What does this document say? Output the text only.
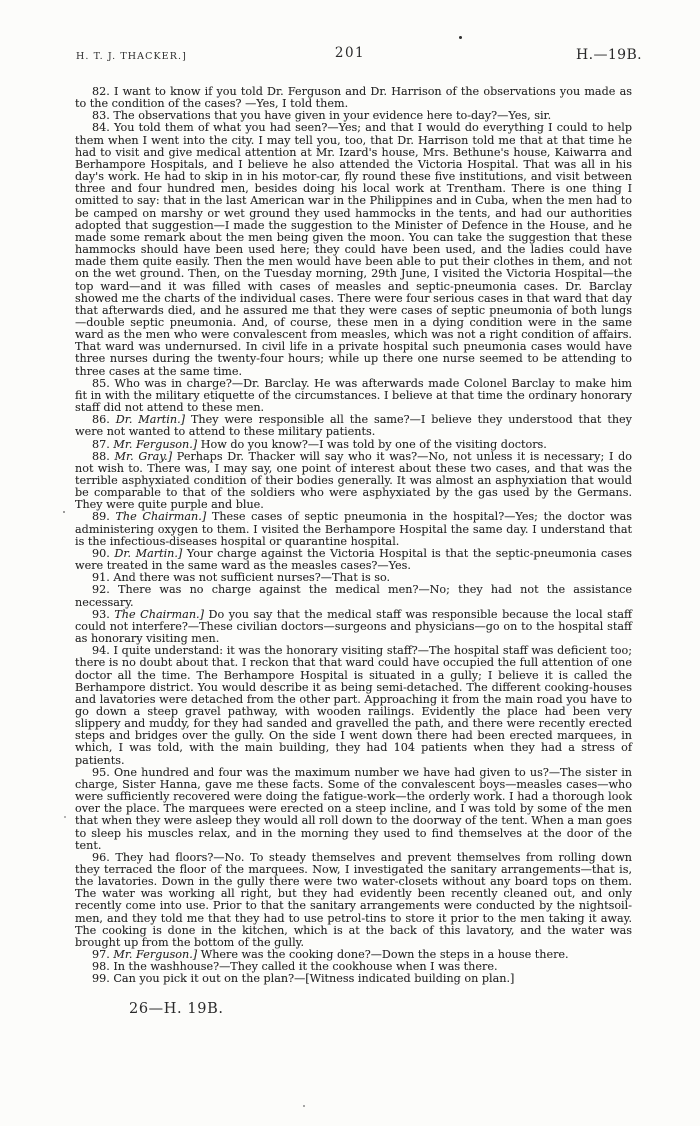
H. T. J. THACKER.]	201	H.—19B.

82. I want to know if you told Dr. Ferguson and Dr. Harrison of the observations you made as to the condition of the cases? —Yes, I told them.

83. The observations that you have given in your evidence here to-day?—Yes, sir.

84. You told them of what you had seen?—Yes; and that I would do everything I could to help them when I went into the city. I may tell you, too, that Dr. Harrison told me that at that time he had to visit and give medical attention at Mr. Izard's house, Mrs. Bethune's house, Kaiwarra and Berhampore Hospitals, and I believe he also attended the Victoria Hospital. That was all in his day's work. He had to skip in in his motor-car, fly round these five institutions, and visit between three and four hundred men, besides doing his local work at Trentham. There is one thing I omitted to say: that in the last American war in the Philippines and in Cuba, when the men had to be camped on marshy or wet ground they used hammocks in the tents, and had our authorities adopted that suggestion—I made the suggestion to the Minister of Defence in the House, and he made some remark about the men being given the moon. You can take the suggestion that these hammocks should have been used here; they could have been used, and the ladies could have made them quite easily. Then the men would have been able to put their clothes in them, and not on the wet ground. Then, on the Tuesday morning, 29th June, I visited the Victoria Hospital—the top ward—and it was filled with cases of measles and septic-pneumonia cases. Dr. Barclay showed me the charts of the individual cases. There were four serious cases in that ward that day that afterwards died, and he assured me that they were cases of septic pneumonia of both lungs—double septic pneumonia. And, of course, these men in a dying condition were in the same ward as the men who were convalescent from measles, which was not a right condition of affairs. That ward was undernursed. In civil life in a private hospital such pneumonia cases would have three nurses during the twenty-four hours; while up there one nurse seemed to be attending to three cases at the same time.

85. Who was in charge?—Dr. Barclay. He was afterwards made Colonel Barclay to make him fit in with the military etiquette of the circumstances. I believe at that time the ordinary honorary staff did not attend to these men.

86. Dr. Martin.] They were responsible all the same?—I believe they understood that they were not wanted to attend to these military patients.

87. Mr. Ferguson.] How do you know?—I was told by one of the visiting doctors.

88. Mr. Gray.] Perhaps Dr. Thacker will say who it was?—No, not unless it is necessary; I do not wish to. There was, I may say, one point of interest about these two cases, and that was the terrible asphyxiated condition of their bodies generally. It was almost an asphyxiation that would be comparable to that of the soldiers who were asphyxiated by the gas used by the Germans. They were quite purple and blue.

89. The Chairman.] These cases of septic pneumonia in the hospital?—Yes; the doctor was administering oxygen to them. I visited the Berhampore Hospital the same day. I understand that is the infectious-diseases hospital or quarantine hospital.

90. Dr. Martin.] Your charge against the Victoria Hospital is that the septic-pneumonia cases were treated in the same ward as the measles cases?—Yes.

91. And there was not sufficient nurses?—That is so.

92. There was no charge against the medical men?—No; they had not the assistance necessary.

93. The Chairman.] Do you say that the medical staff was responsible because the local staff could not interfere?—These civilian doctors—surgeons and physicians—go on to the hospital staff as honorary visiting men.

94. I quite understand: it was the honorary visiting staff?—The hospital staff was deficient too; there is no doubt about that. I reckon that that ward could have occupied the full attention of one doctor all the time. The Berhampore Hospital is situated in a gully; I believe it is called the Berhampore district. You would describe it as being semi-detached. The different cooking-houses and lavatories were detached from the other part. Approaching it from the main road you have to go down a steep gravel pathway, with wooden railings. Evidently the place had been very slippery and muddy, for they had sanded and gravelled the path, and there were recently erected steps and bridges over the gully. On the side I went down there had been erected marquees, in which, I was told, with the main building, they had 104 patients when they had a stress of patients.

95. One hundred and four was the maximum number we have had given to us?—The sister in charge, Sister Hanna, gave me these facts. Some of the convalescent boys—measles cases—who were sufficiently recovered were doing the fatigue-work—the orderly work. I had a thorough look over the place. The marquees were erected on a steep incline, and I was told by some of the men that when they were asleep they would all roll down to the doorway of the tent. When a man goes to sleep his muscles relax, and in the morning they used to find themselves at the door of the tent.

96. They had floors?—No. To steady themselves and prevent themselves from rolling down they terraced the floor of the marquees. Now, I investigated the sanitary arrangements—that is, the lavatories. Down in the gully there were two water-closets without any board tops on them. The water was working all right, but they had evidently been recently cleaned out, and only recently come into use. Prior to that the sanitary arrangements were conducted by the nightsoil-men, and they told me that they had to use petrol-tins to store it prior to the men taking it away. The cooking is done in the kitchen, which is at the back of this lavatory, and the water was brought up from the bottom of the gully.

97. Mr. Ferguson.] Where was the cooking done?—Down the steps in a house there.

98. In the washhouse?—They called it the cookhouse when I was there.

99. Can you pick it out on the plan?—[Witness indicated building on plan.]

26—H. 19B.
